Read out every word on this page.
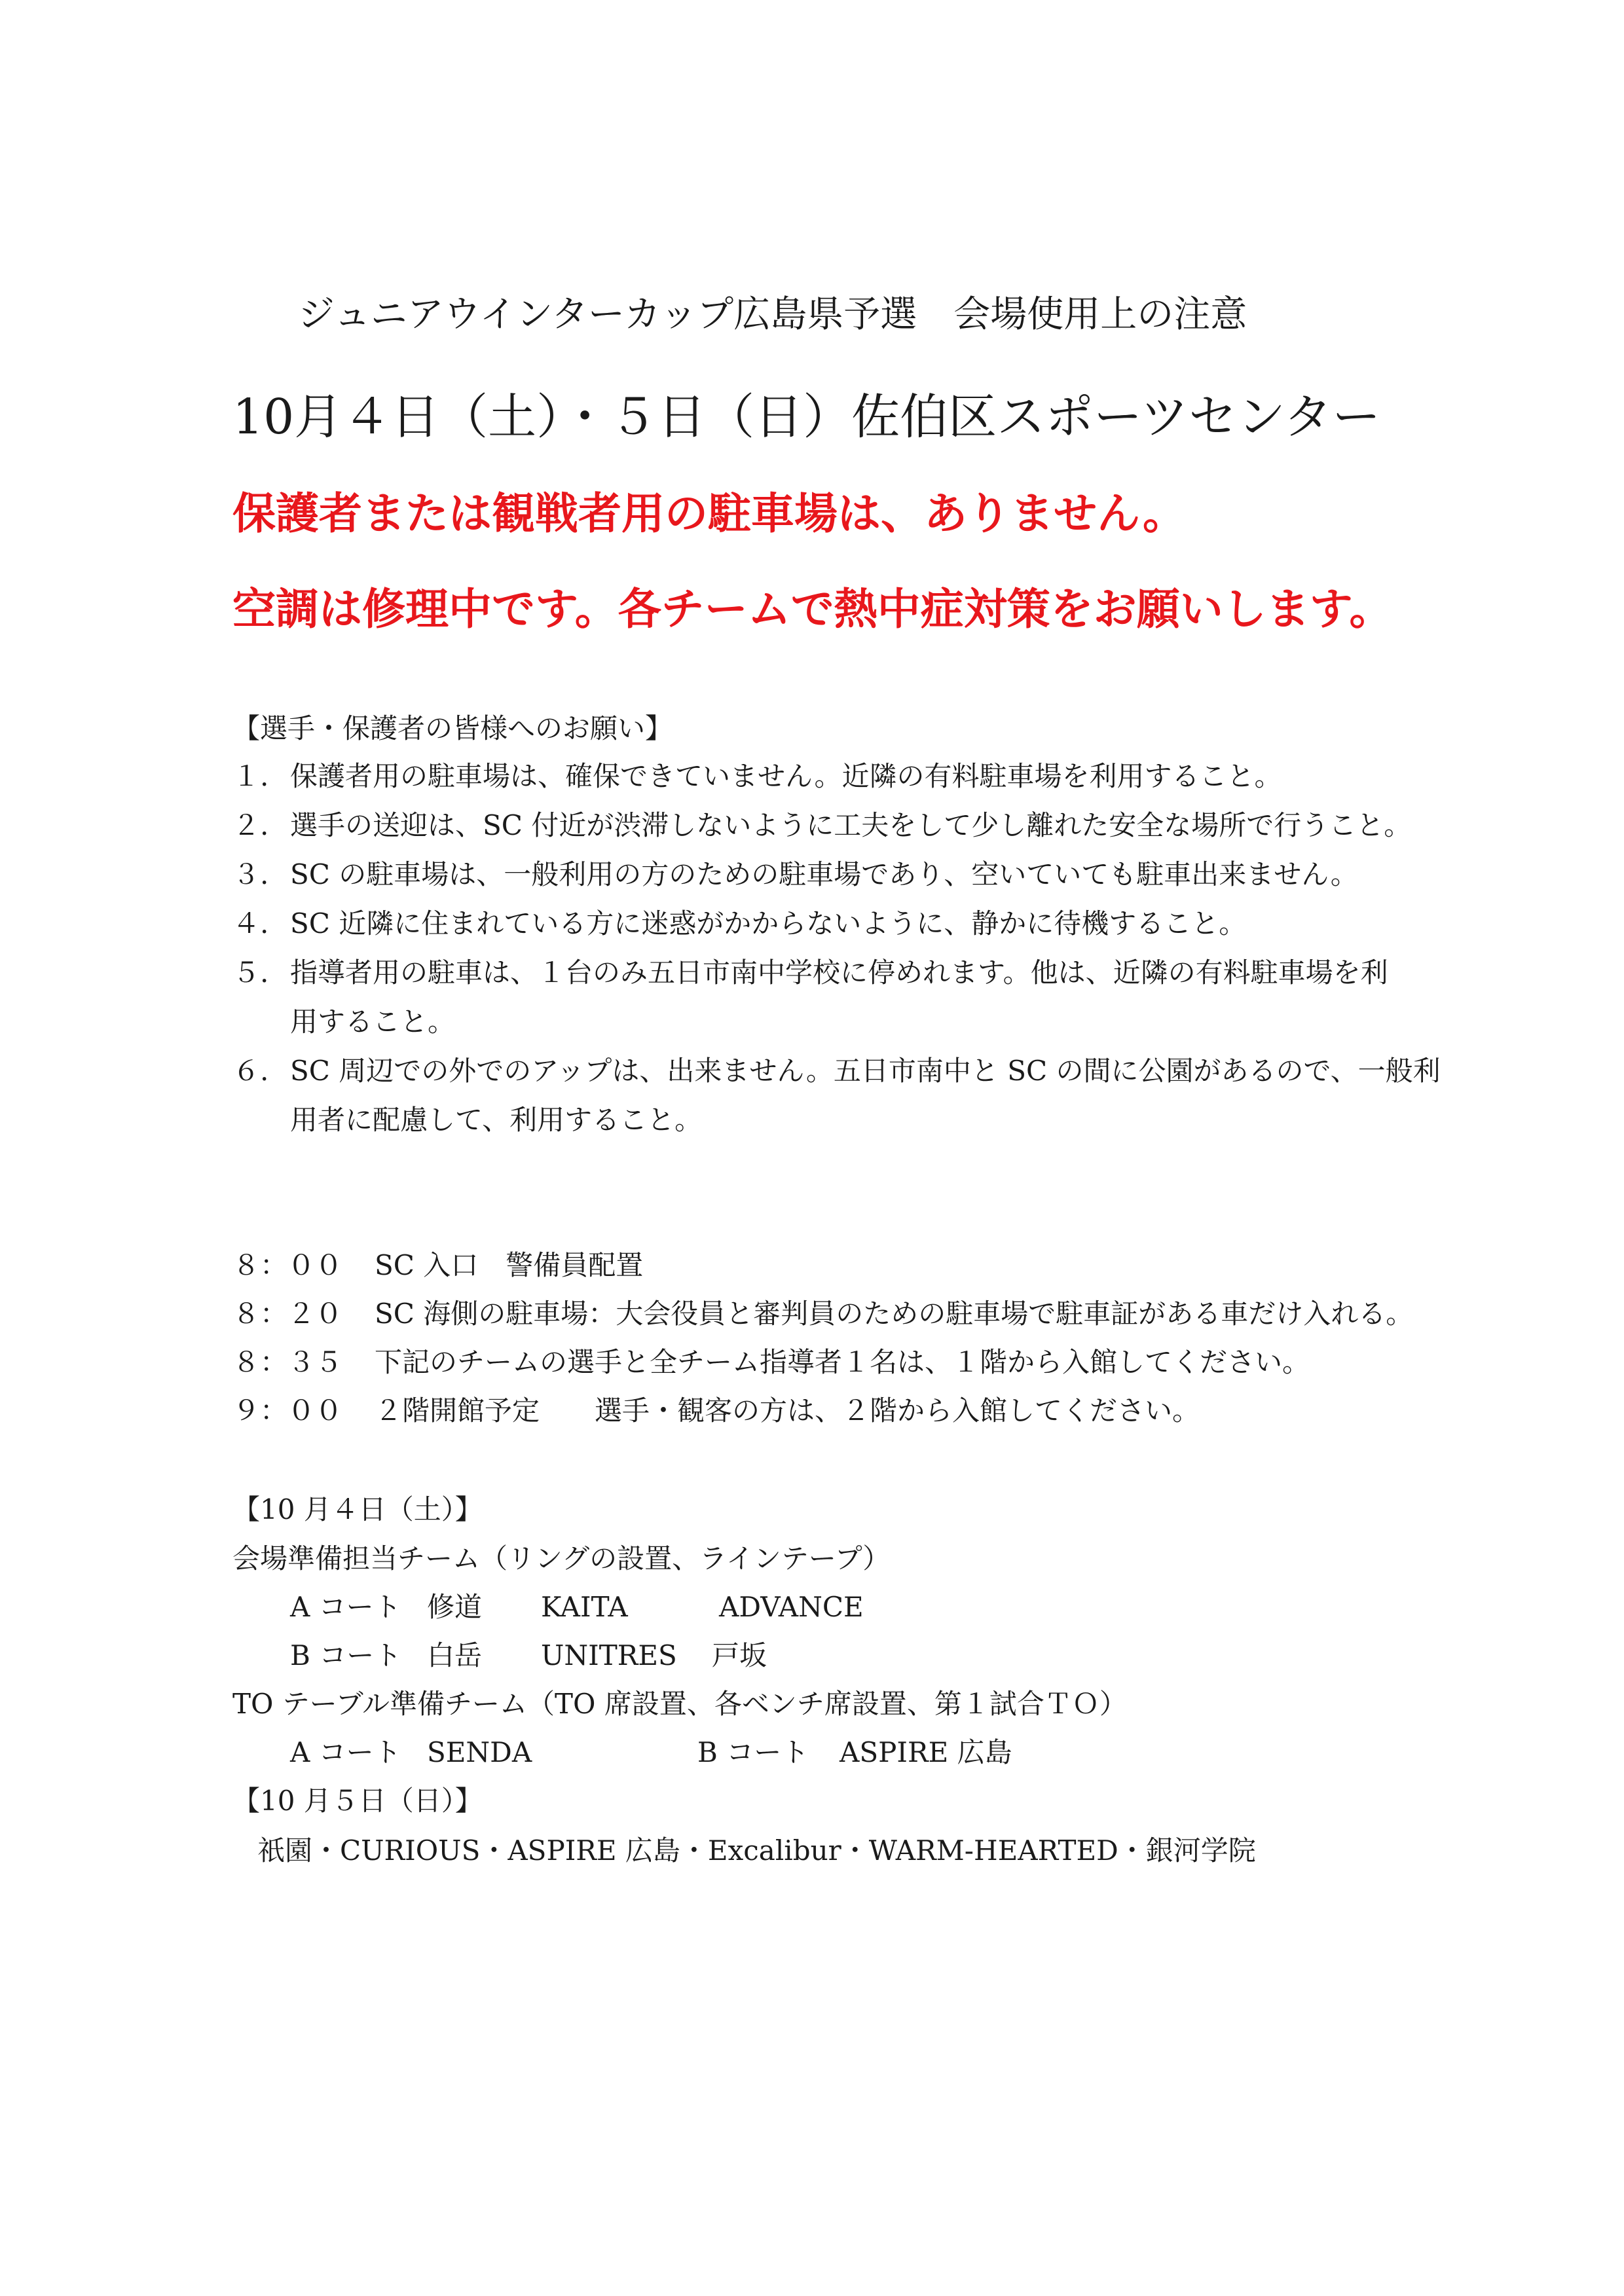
ジュニアウインターカップ広島県予選　会場使用上の注意
10月４日（土）・５日（日）佐伯区スポーツセンター
保護者または観戦者用の駐車場は、ありません。
空調は修理中です。各チームで熱中症対策をお願いします。
【選手・保護者の皆様へのお願い】
１. 保護者用の駐車場は、確保できていません。近隣の有料駐車場を利用すること。
２. 選手の送迎は、SC 付近が渋滞しないように工夫をして少し離れた安全な場所で行うこと。
３. SC の駐車場は、一般利用の方のための駐車場であり、空いていても駐車出来ません。
４. SC 近隣に住まれている方に迷惑がかからないように、静かに待機すること。
５. 指導者用の駐車は、１台のみ五日市南中学校に停めれます。他は、近隣の有料駐車場を利
用すること。
６. SC 周辺での外でのアップは、出来ません。五日市南中と SC の間に公園があるので、一般利
用者に配慮して、利用すること。
８：００ SC 入口　警備員配置
８：２０ SC 海側の駐車場：大会役員と審判員のための駐車場で駐車証がある車だけ入れる。
８：３５ 下記のチームの選手と全チーム指導者１名は、１階から入館してください。
９：００ ２階開館予定　　選手・観客の方は、２階から入館してください。
【10 月４日（土）】
会場準備担当チーム（リングの設置、ラインテープ）
A コート 修道 KAITA	ADVANCE
B コート 白岳 UNITRES 戸坂
TO テーブル準備チーム（TO 席設置、各ベンチ席設置、第１試合ＴＯ）
A コート SENDA	B コート ASPIRE 広島
【10 月５日（日）】
祇園・CURIOUS・ASPIRE 広島・Excalibur・WARM-HEARTED・銀河学院
